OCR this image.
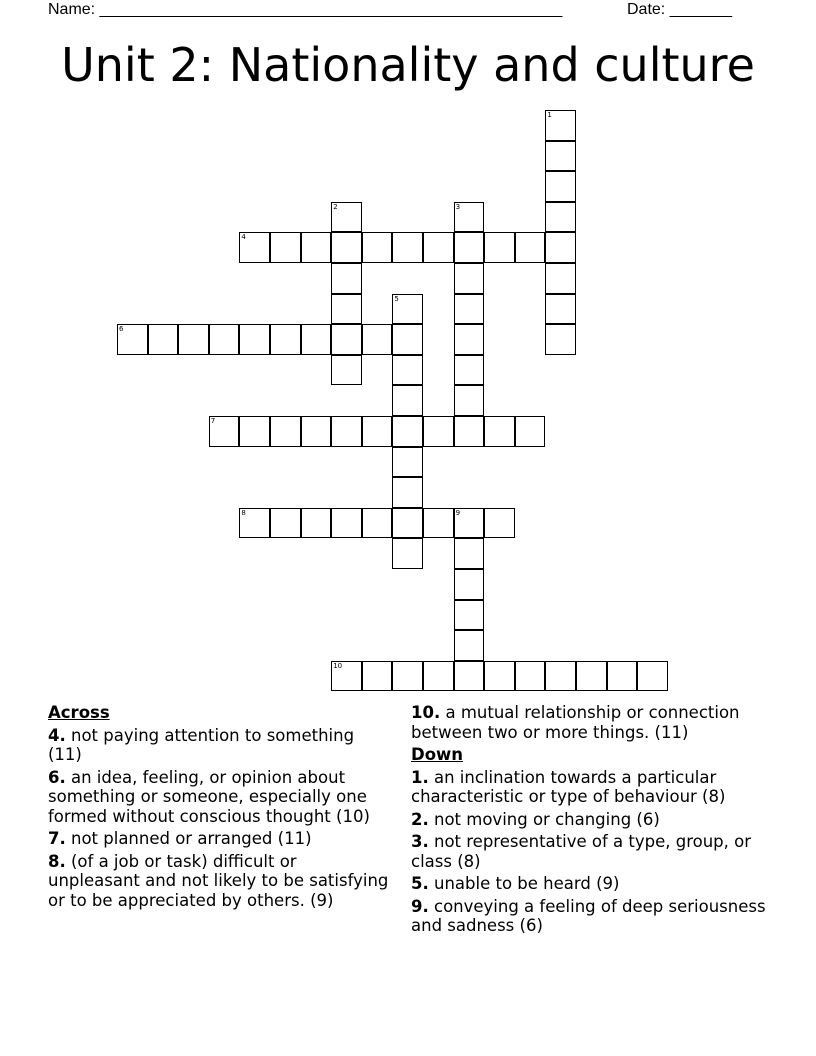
Name: ____________________________________________________	Date: _______
Unit 2: Nationality and culture
1
2	3
4
5
6
7
8	9
10
Across
4. not paying attention to something (11)
6. an idea, feeling, or opinion about something or someone, especially one formed without conscious thought (10)
7. not planned or arranged (11)
8. (of a job or task) difficult or unpleasant and not likely to be satisfying or to be appreciated by others. (9)
10. a mutual relationship or connection between two or more things. (11)
Down
1. an inclination towards a particular characteristic or type of behaviour (8)
2. not moving or changing (6)
3. not representative of a type, group, or class (8)
5. unable to be heard (9)
9. conveying a feeling of deep seriousness and sadness (6)
